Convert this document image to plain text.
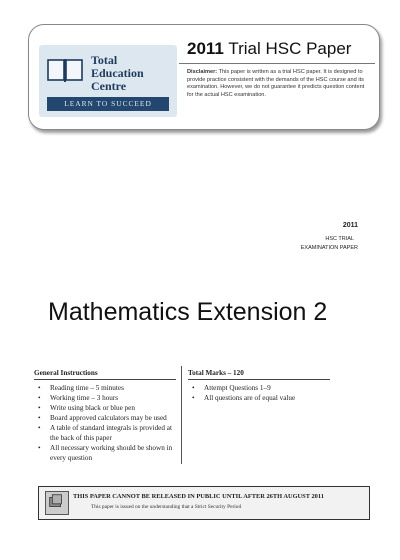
Total
Education
Centre
LEARN TO SUCCEED
2011 Trial HSC Paper
Disclaimer: This paper is written as a trial HSC paper. It is designed to provide practice consistent with the demands of the HSC course and its examination. However, we do not guarantee it predicts question content for the actual HSC examination.
2011
HSC TRIAL
EXAMINATION PAPER
Mathematics Extension 2
General Instructions
• Reading time – 5 minutes
• Working time – 3 hours
• Write using black or blue pen
• Board approved calculators may be used
• A table of standard integrals is provided at the back of this paper
• All necessary working should be shown in every question
Total Marks – 120
• Attempt Questions 1–9
• All questions are of equal value
THIS PAPER CANNOT BE RELEASED IN PUBLIC UNTIL AFTER 26TH AUGUST 2011
This paper is issued on the understanding that a Strict Security Period
